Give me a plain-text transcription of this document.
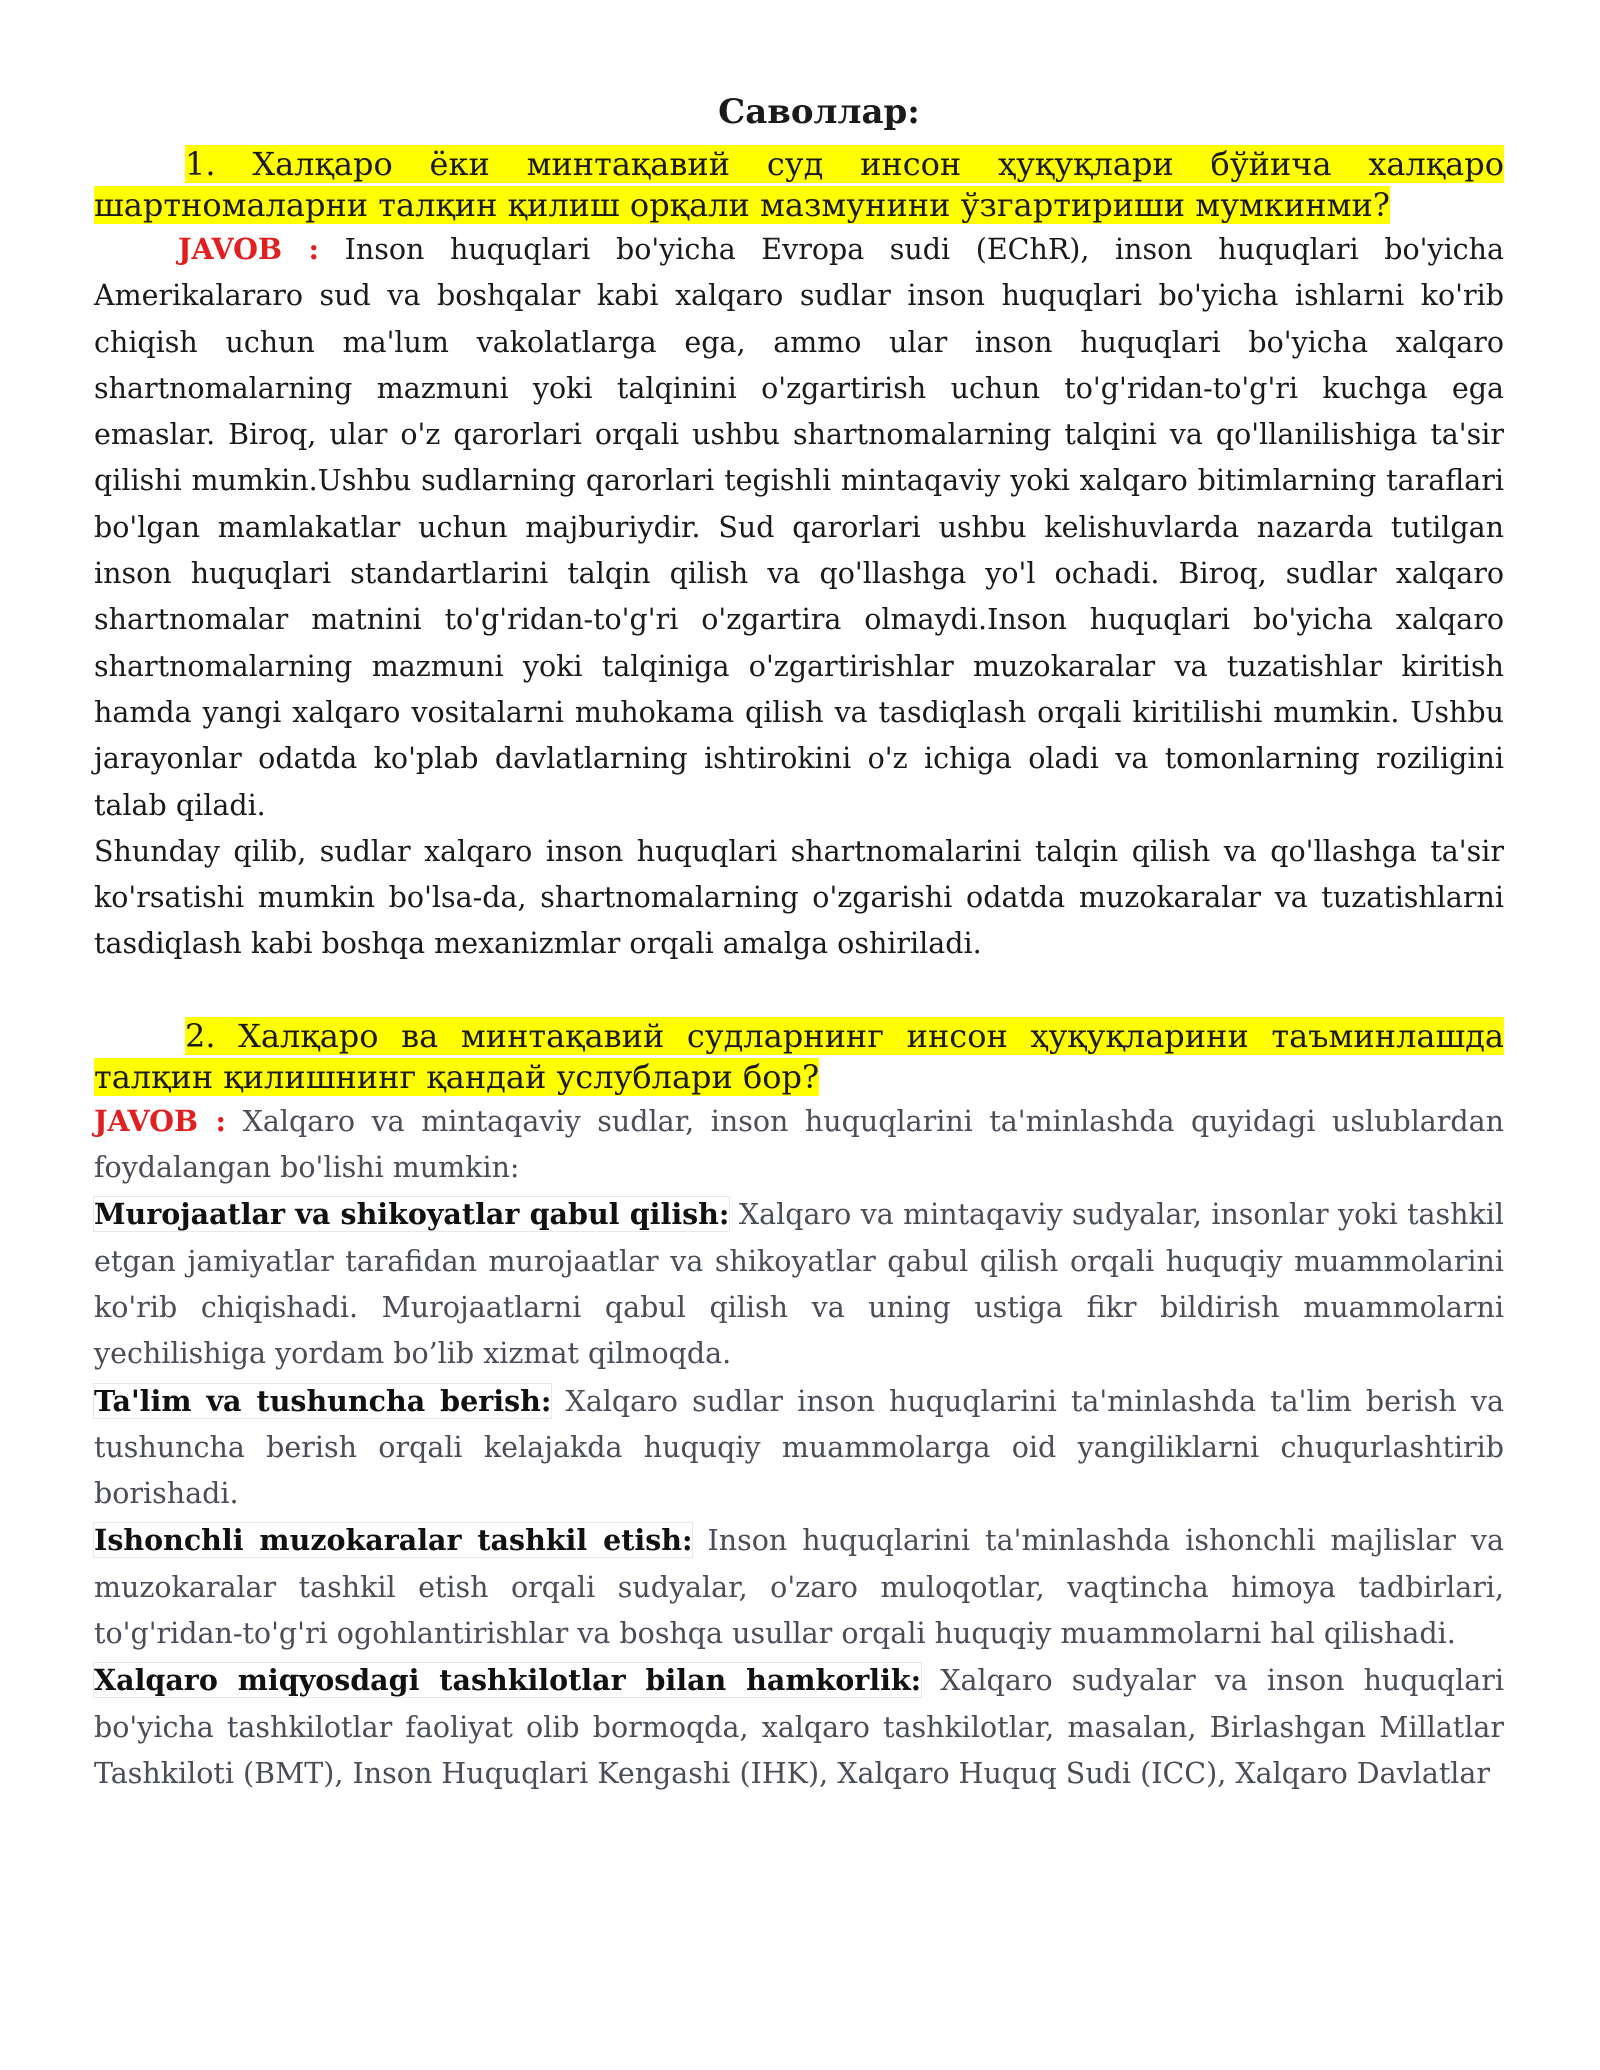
Саволлар:

1. Халқаро ёки минтақавий суд инсон ҳуқуқлари бўйича халқаро шартномаларни талқин қилиш орқали мазмунини ўзгартириши мумкинми?

JAVOB : Inson huquqlari bo'yicha Evropa sudi (EChR), inson huquqlari bo'yicha Amerikalararo sud va boshqalar kabi xalqaro sudlar inson huquqlari bo'yicha ishlarni ko'rib chiqish uchun ma'lum vakolatlarga ega, ammo ular inson huquqlari bo'yicha xalqaro shartnomalarning mazmuni yoki talqinini o'zgartirish uchun to'g'ridan-to'g'ri kuchga ega emaslar. Biroq, ular o'z qarorlari orqali ushbu shartnomalarning talqini va qo'llanilishiga ta'sir qilishi mumkin.Ushbu sudlarning qarorlari tegishli mintaqaviy yoki xalqaro bitimlarning taraflari bo'lgan mamlakatlar uchun majburiydir. Sud qarorlari ushbu kelishuvlarda nazarda tutilgan inson huquqlari standartlarini talqin qilish va qo'llashga yo'l ochadi. Biroq, sudlar xalqaro shartnomalar matnini to'g'ridan-to'g'ri o'zgartira olmaydi.Inson huquqlari bo'yicha xalqaro shartnomalarning mazmuni yoki talqiniga o'zgartirishlar muzokaralar va tuzatishlar kiritish hamda yangi xalqaro vositalarni muhokama qilish va tasdiqlash orqali kiritilishi mumkin. Ushbu jarayonlar odatda ko'plab davlatlarning ishtirokini o'z ichiga oladi va tomonlarning roziligini talab qiladi.

Shunday qilib, sudlar xalqaro inson huquqlari shartnomalarini talqin qilish va qo'llashga ta'sir ko'rsatishi mumkin bo'lsa-da, shartnomalarning o'zgarishi odatda muzokaralar va tuzatishlarni tasdiqlash kabi boshqa mexanizmlar orqali amalga oshiriladi.

2. Халқаро ва минтақавий судларнинг инсон ҳуқуқларини таъминлашда талқин қилишнинг қандай услублари бор?

JAVOB : Xalqaro va mintaqaviy sudlar, inson huquqlarini ta'minlashda quyidagi uslublardan foydalangan bo'lishi mumkin:

Murojaatlar va shikoyatlar qabul qilish: Xalqaro va mintaqaviy sudyalar, insonlar yoki tashkil etgan jamiyatlar tarafidan murojaatlar va shikoyatlar qabul qilish orqali huquqiy muammolarini ko'rib chiqishadi. Murojaatlarni qabul qilish va uning ustiga fikr bildirish muammolarni yechilishiga yordam bo’lib xizmat qilmoqda.

Ta'lim va tushuncha berish: Xalqaro sudlar inson huquqlarini ta'minlashda ta'lim berish va tushuncha berish orqali kelajakda huquqiy muammolarga oid yangiliklarni chuqurlashtirib borishadi.

Ishonchli muzokaralar tashkil etish: Inson huquqlarini ta'minlashda ishonchli majlislar va muzokaralar tashkil etish orqali sudyalar, o'zaro muloqotlar, vaqtincha himoya tadbirlari, to'g'ridan-to'g'ri ogohlantirishlar va boshqa usullar orqali huquqiy muammolarni hal qilishadi.

Xalqaro miqyosdagi tashkilotlar bilan hamkorlik: Xalqaro sudyalar va inson huquqlari bo'yicha tashkilotlar faoliyat olib bormoqda, xalqaro tashkilotlar, masalan, Birlashgan Millatlar Tashkiloti (BMT), Inson Huquqlari Kengashi (IHK), Xalqaro Huquq Sudi (ICC), Xalqaro Davlatlar
